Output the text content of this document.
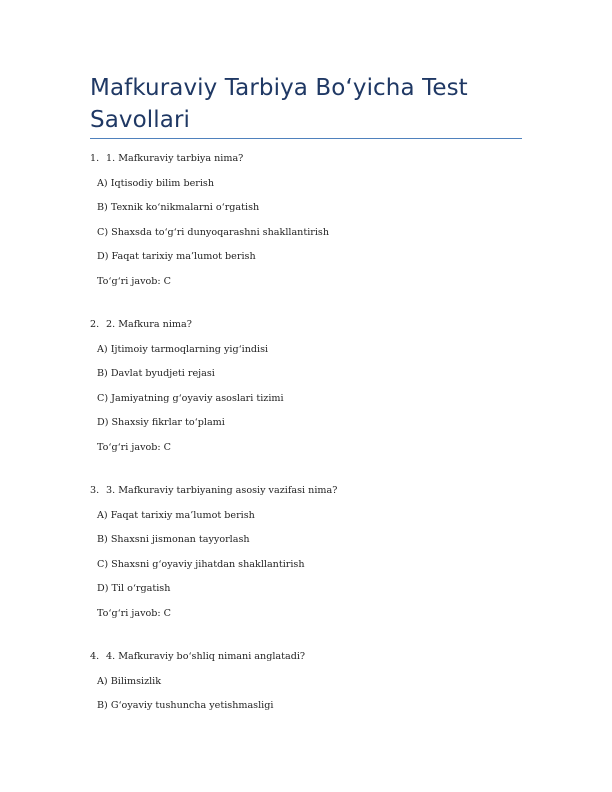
Mafkuraviy Tarbiya Bo‘yicha Test Savollari
1. 1. Mafkuraviy tarbiya nima?
A) Iqtisodiy bilim berish
B) Texnik ko‘nikmalarni o‘rgatish
C) Shaxsda to‘g‘ri dunyoqarashni shakllantirish
D) Faqat tarixiy ma’lumot berish
To‘g‘ri javob: C
2. 2. Mafkura nima?
A) Ijtimoiy tarmoqlarning yig‘indisi
B) Davlat byudjeti rejasi
C) Jamiyatning g‘oyaviy asoslari tizimi
D) Shaxsiy fikrlar to‘plami
To‘g‘ri javob: C
3. 3. Mafkuraviy tarbiyaning asosiy vazifasi nima?
A) Faqat tarixiy ma’lumot berish
B) Shaxsni jismonan tayyorlash
C) Shaxsni g‘oyaviy jihatdan shakllantirish
D) Til o‘rgatish
To‘g‘ri javob: C
4. 4. Mafkuraviy bo‘shliq nimani anglatadi?
A) Bilimsizlik
B) G‘oyaviy tushuncha yetishmasligi
